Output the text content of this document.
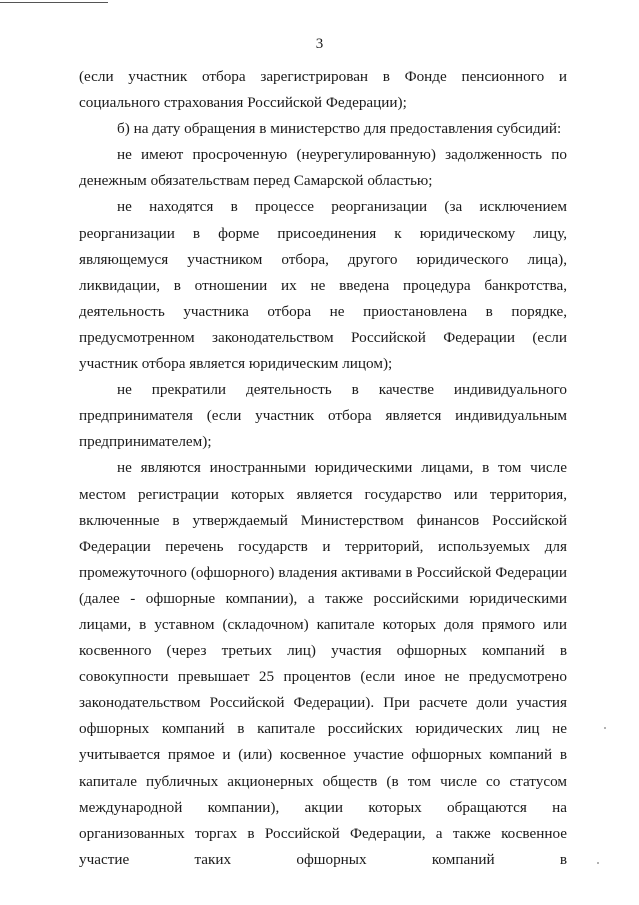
3

(если участник отбора зарегистрирован в Фонде пенсионного и социального страхования Российской Федерации);

б) на дату обращения в министерство для предоставления субсидий:

не имеют просроченную (неурегулированную) задолженность по денежным обязательствам перед Самарской областью;

не находятся в процессе реорганизации (за исключением реорганизации в форме присоединения к юридическому лицу, являющемуся участником отбора, другого юридического лица), ликвидации, в отношении их не введена процедура банкротства, деятельность участника отбора не приостановлена в порядке, предусмотренном законодательством Российской Федерации (если участник отбора является юридическим лицом);

не прекратили деятельность в качестве индивидуального предпринимателя (если участник отбора является индивидуальным предпринимателем);

не являются иностранными юридическими лицами, в том числе местом регистрации которых является государство или территория, включенные в утверждаемый Министерством финансов Российской Федерации перечень государств и территорий, используемых для промежуточного (офшорного) владения активами в Российской Федерации (далее - офшорные компании), а также российскими юридическими лицами, в уставном (складочном) капитале которых доля прямого или косвенного (через третьих лиц) участия офшорных компаний в совокупности превышает 25 процентов (если иное не предусмотрено законодательством Российской Федерации). При расчете доли участия офшорных компаний в капитале российских юридических лиц не учитывается прямое и (или) косвенное участие офшорных компаний в капитале публичных акционерных обществ (в том числе со статусом международной компании), акции которых обращаются на организованных торгах в Российской Федерации, а также косвенное участие таких офшорных компаний в
